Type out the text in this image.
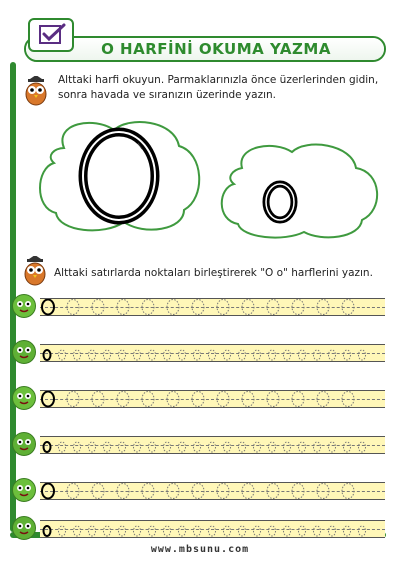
O HARFİNİ OKUMA YAZMA
Alttaki harfi okuyun. Parmaklarınızla önce üzerlerinden gidin, sonra havada ve sıranızın üzerinde yazın.
Alttaki satırlarda noktaları birleştirerek "O o" harflerini yazın.
www.mbsunu.com
